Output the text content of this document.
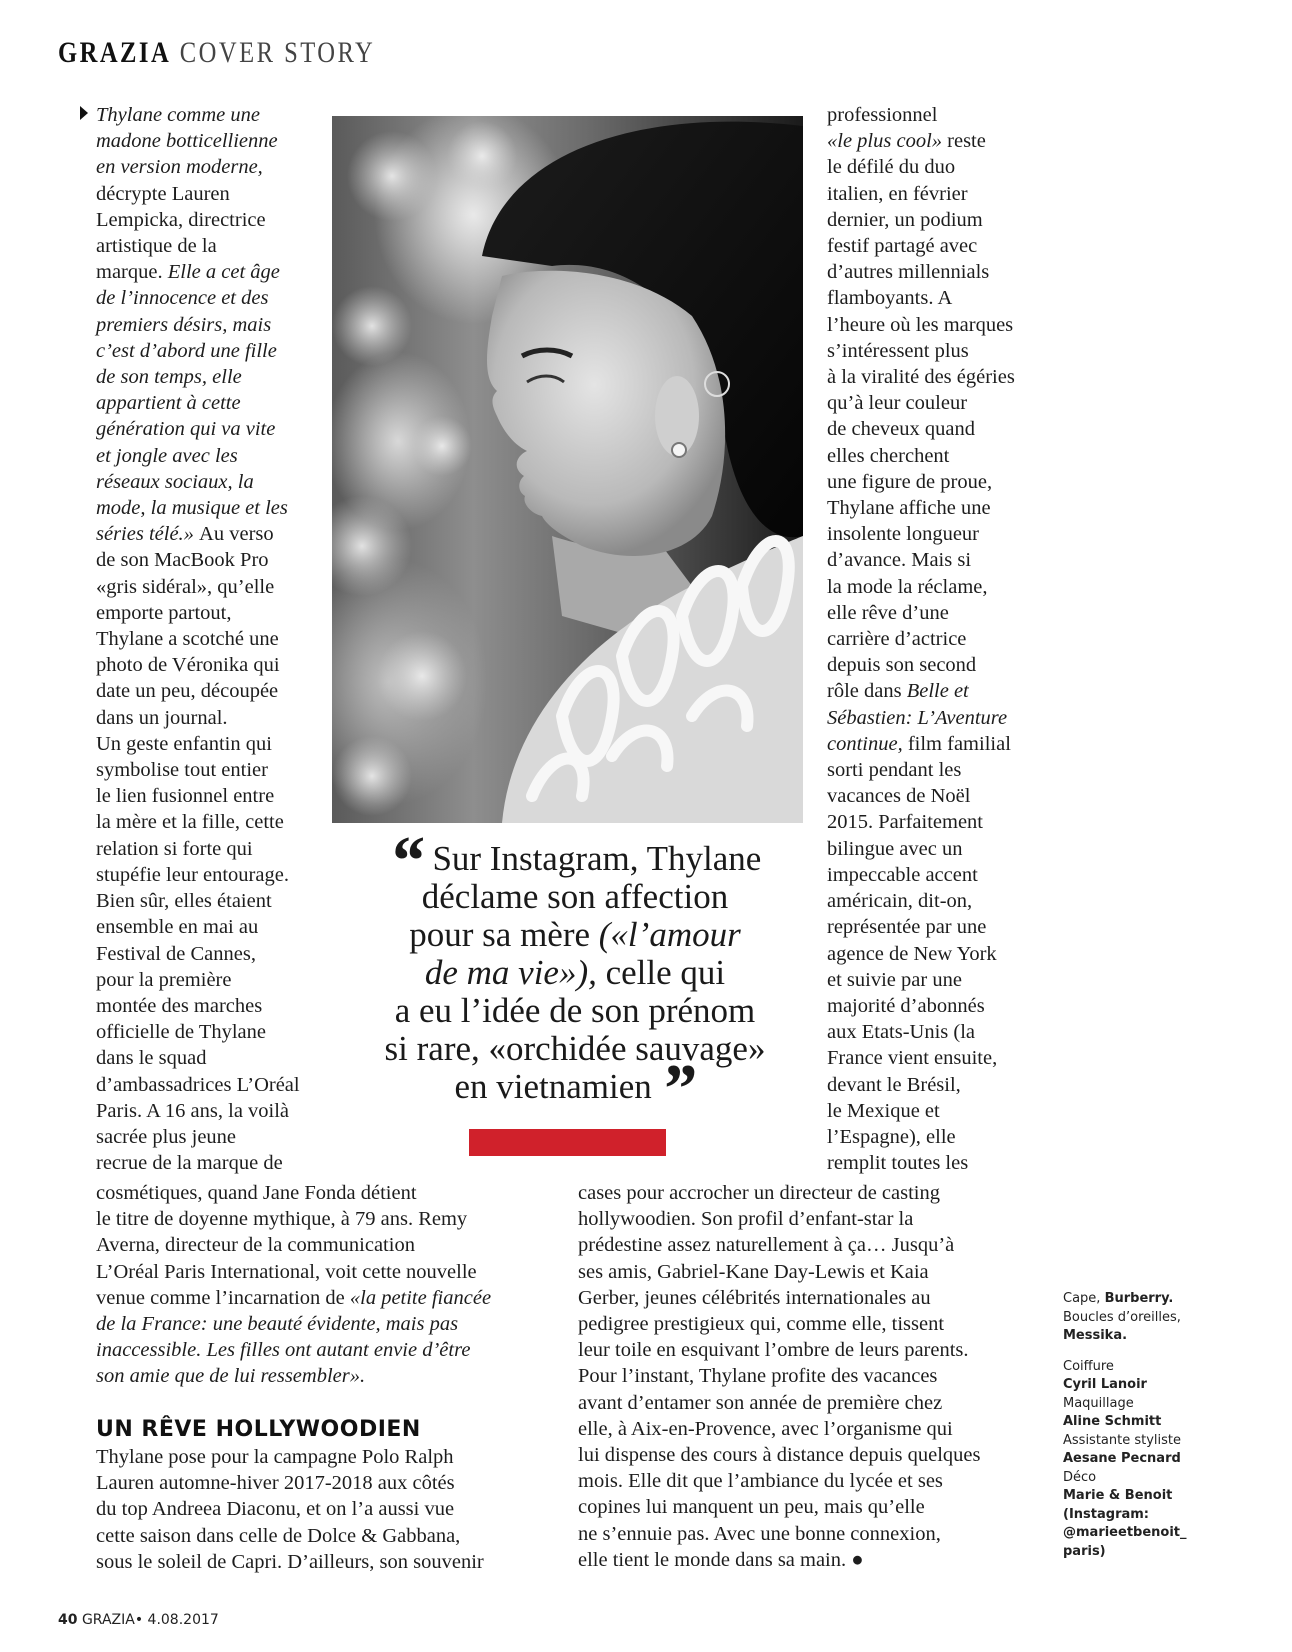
GRAZIA COVER STORY

Thylane comme une

madone botticellienne

en version moderne,

décrypte Lauren

Lempicka, directrice

artistique de la

marque. Elle a cet âge

de l’innocence et des

premiers désirs, mais

c’est d’abord une fille

de son temps, elle

appartient à cette

génération qui va vite

et jongle avec les

réseaux sociaux, la

mode, la musique et les

séries télé.» Au verso

de son MacBook Pro

«gris sidéral», qu’elle

emporte partout,

Thylane a scotché une

photo de Véronika qui

date un peu, découpée

dans un journal.

Un geste enfantin qui

symbolise tout entier

le lien fusionnel entre

la mère et la fille, cette

relation si forte qui

stupéfie leur entourage.

Bien sûr, elles étaient

ensemble en mai au

Festival de Cannes,

pour la première

montée des marches

officielle de Thylane

dans le squad

d’ambassadrices L’Oréal

Paris. A 16 ans, la voilà

sacrée plus jeune

recrue de la marque de

cosmétiques, quand Jane Fonda détient

le titre de doyenne mythique, à 79 ans. Remy

Averna, directeur de la communication

L’Oréal Paris International, voit cette nouvelle

venue comme l’incarnation de «la petite fiancée

de la France: une beauté évidente, mais pas

inaccessible. Les filles ont autant envie d’être

son amie que de lui ressembler».

UN RÊVE HOLLYWOODIEN

Thylane pose pour la campagne Polo Ralph

Lauren automne-hiver 2017-2018 aux côtés

du top Andreea Diaconu, et on l’a aussi vue

cette saison dans celle de Dolce & Gabbana,

sous le soleil de Capri. D’ailleurs, son souvenir

“ Sur Instagram, Thylane

déclame son affection

pour sa mère («l’amour

de ma vie»), celle qui

a eu l’idée de son prénom

si rare, «orchidée sauvage»

en vietnamien ”

professionnel

«le plus cool» reste

le défilé du duo

italien, en février

dernier, un podium

festif partagé avec

d’autres millennials

flamboyants. A

l’heure où les marques

s’intéressent plus

à la viralité des égéries

qu’à leur couleur

de cheveux quand

elles cherchent

une figure de proue,

Thylane affiche une

insolente longueur

d’avance. Mais si

la mode la réclame,

elle rêve d’une

carrière d’actrice

depuis son second

rôle dans Belle et

Sébastien: L’Aventure

continue, film familial

sorti pendant les

vacances de Noël

2015. Parfaitement

bilingue avec un

impeccable accent

américain, dit-on,

représentée par une

agence de New York

et suivie par une

majorité d’abonnés

aux Etats-Unis (la

France vient ensuite,

devant le Brésil,

le Mexique et

l’Espagne), elle

remplit toutes les

cases pour accrocher un directeur de casting

hollywoodien. Son profil d’enfant-star la

prédestine assez naturellement à ça… Jusqu’à

ses amis, Gabriel-Kane Day-Lewis et Kaia

Gerber, jeunes célébrités internationales au

pedigree prestigieux qui, comme elle, tissent

leur toile en esquivant l’ombre de leurs parents.

Pour l’instant, Thylane profite des vacances

avant d’entamer son année de première chez

elle, à Aix-en-Provence, avec l’organisme qui

lui dispense des cours à distance depuis quelques

mois. Elle dit que l’ambiance du lycée et ses

copines lui manquent un peu, mais qu’elle

ne s’ennuie pas. Avec une bonne connexion,

elle tient le monde dans sa main. ●

Cape, Burberry.

Boucles d’oreilles,

Messika.

Coiffure

Cyril Lanoir

Maquillage

Aline Schmitt

Assistante styliste

Aesane Pecnard

Déco

Marie & Benoit

(Instagram:

@marieetbenoit_

paris)

40 GRAZIA• 4.08.2017
